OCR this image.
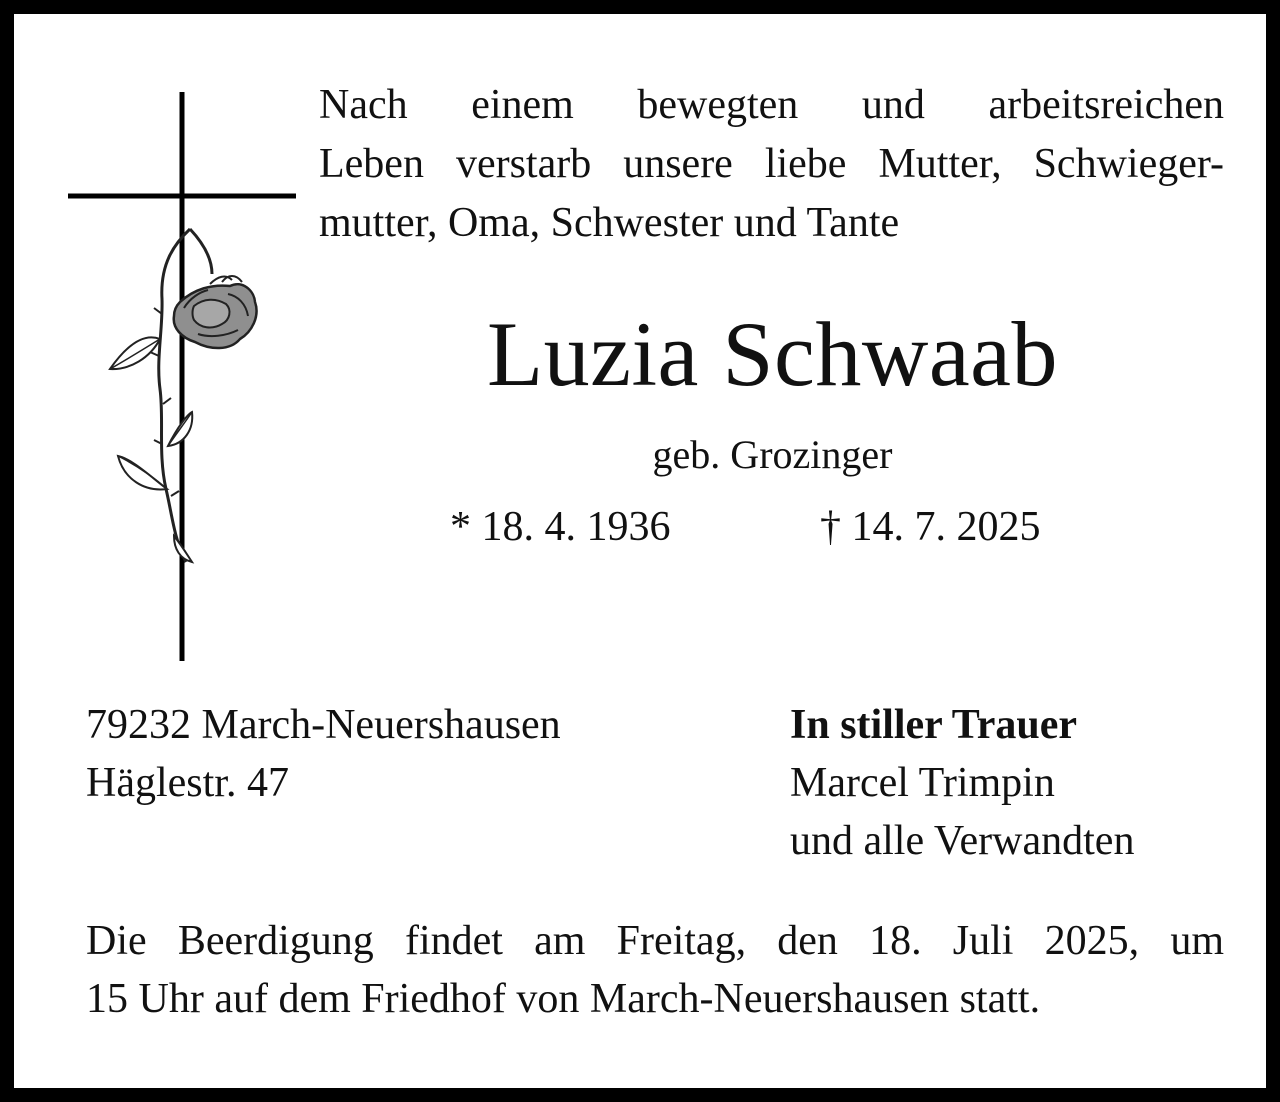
Nach einem bewegten und arbeitsreichen
Leben verstarb unsere liebe Mutter, Schwieger-
mutter, Oma, Schwester und Tante
Luzia Schwaab
geb. Grozinger
* 18. 4. 1936	† 14. 7. 2025
79232 March-Neuershausen
Häglestr. 47
In stiller Trauer
Marcel Trimpin
und alle Verwandten
Die Beerdigung findet am Freitag, den 18. Juli 2025, um
15 Uhr auf dem Friedhof von March-Neuershausen statt.
